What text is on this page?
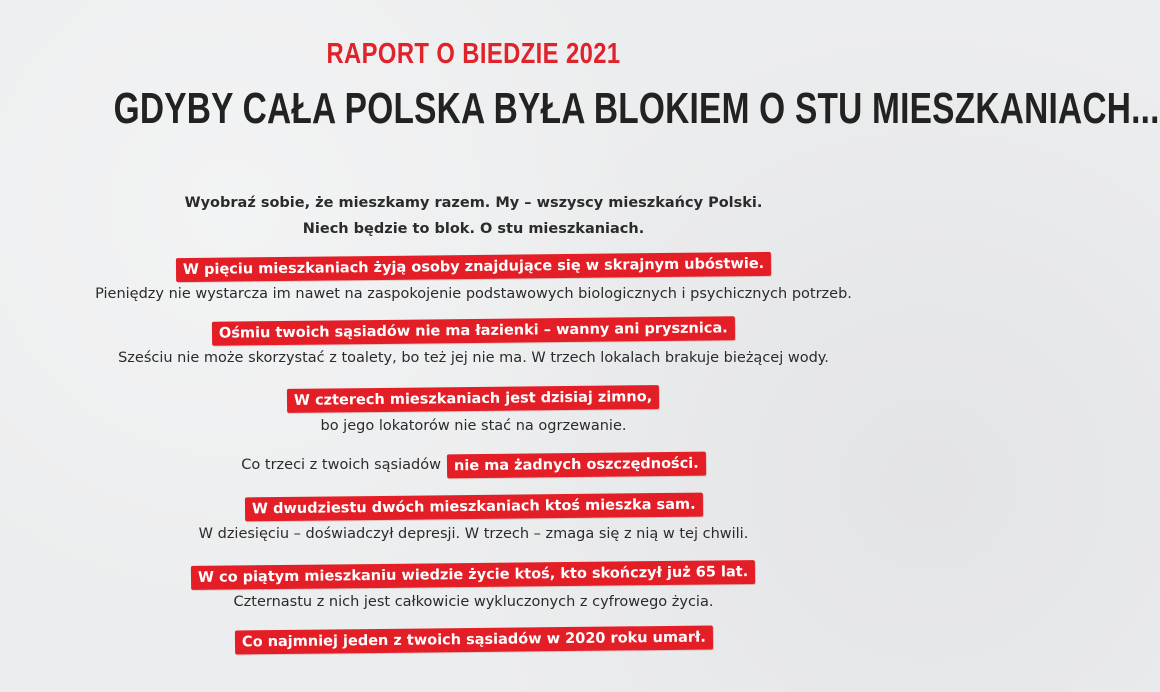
RAPORT O BIEDZIE 2021
GDYBY CAŁA POLSKA BYŁA BLOKIEM O STU MIESZKANIACH...
Wyobraź sobie, że mieszkamy razem. My – wszyscy mieszkańcy Polski.
Niech będzie to blok. O stu mieszkaniach.
W pięciu mieszkaniach żyją osoby znajdujące się w skrajnym ubóstwie.
Pieniędzy nie wystarcza im nawet na zaspokojenie podstawowych biologicznych i psychicznych potrzeb.
Ośmiu twoich sąsiadów nie ma łazienki – wanny ani prysznica.
Sześciu nie może skorzystać z toalety, bo też jej nie ma. W trzech lokalach brakuje bieżącej wody.
W czterech mieszkaniach jest dzisiaj zimno,
bo jego lokatorów nie stać na ogrzewanie.
Co trzeci z twoich sąsiadów nie ma żadnych oszczędności.
W dwudziestu dwóch mieszkaniach ktoś mieszka sam.
W dziesięciu – doświadczył depresji. W trzech – zmaga się z nią w tej chwili.
W co piątym mieszkaniu wiedzie życie ktoś, kto skończył już 65 lat.
Czternastu z nich jest całkowicie wykluczonych z cyfrowego życia.
Co najmniej jeden z twoich sąsiadów w 2020 roku umarł.
